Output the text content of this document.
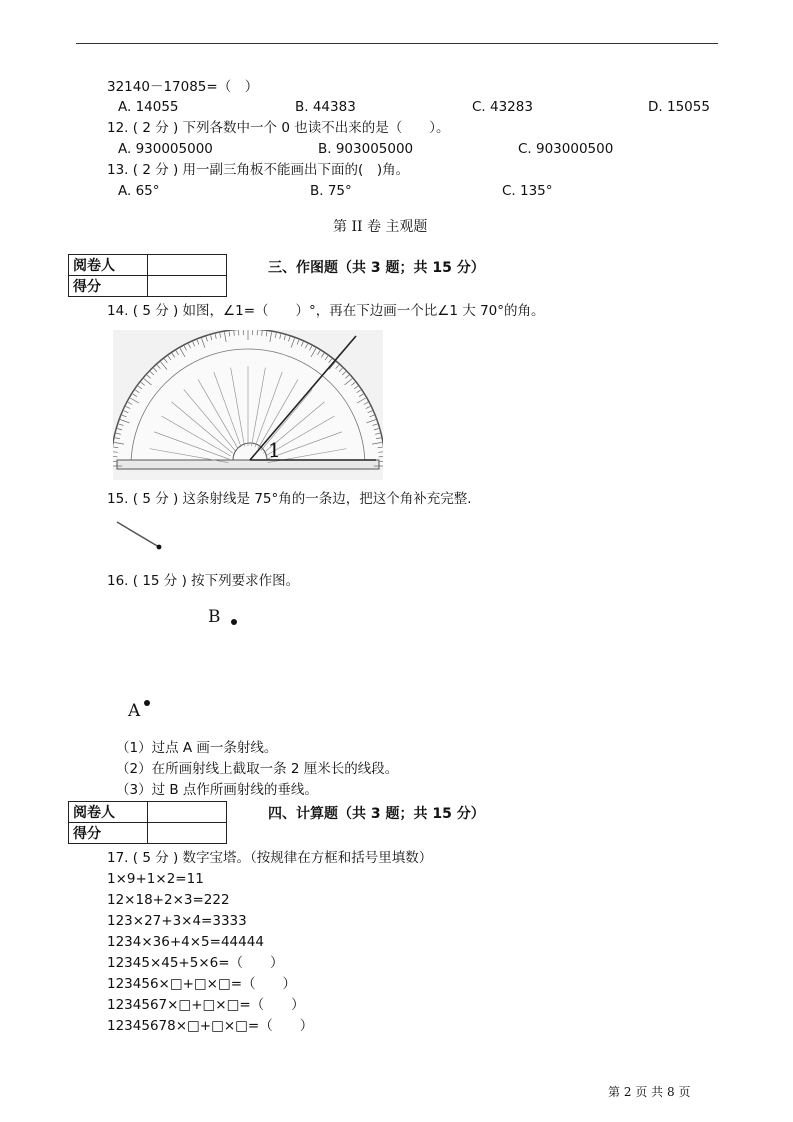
32140－17085=（　）
A. 14055	B. 44383	C. 43283	D. 15055
12. ( 2 分 ) 下列各数中一个 0 也读不出来的是（　　）。
A. 930005000	B. 903005000	C. 903000500
13. ( 2 分 ) 用一副三角板不能画出下面的(　)角。
A. 65°	B. 75°	C. 135°
第 II 卷 主观题
阅卷人	
得分	
三、作图题（共 3 题；共 15 分）
14. ( 5 分 ) 如图，∠1=（　　）°，再在下边画一个比∠1 大 70°的角。
1
15. ( 5 分 ) 这条射线是 75°角的一条边，把这个角补充完整.
16. ( 15 分 ) 按下列要求作图。
B
A
（1）过点 A 画一条射线。
（2）在所画射线上截取一条 2 厘米长的线段。
（3）过 B 点作所画射线的垂线。
阅卷人	
得分	
四、计算题（共 3 题；共 15 分）
17. ( 5 分 ) 数字宝塔。（按规律在方框和括号里填数）
1×9+1×2=11
12×18+2×3=222
123×27+3×4=3333
1234×36+4×5=44444
12345×45+5×6=（　　）
123456×□+□×□=（　　）
1234567×□+□×□=（　　）
12345678×□+□×□=（　　）
第 2 页 共 8 页
